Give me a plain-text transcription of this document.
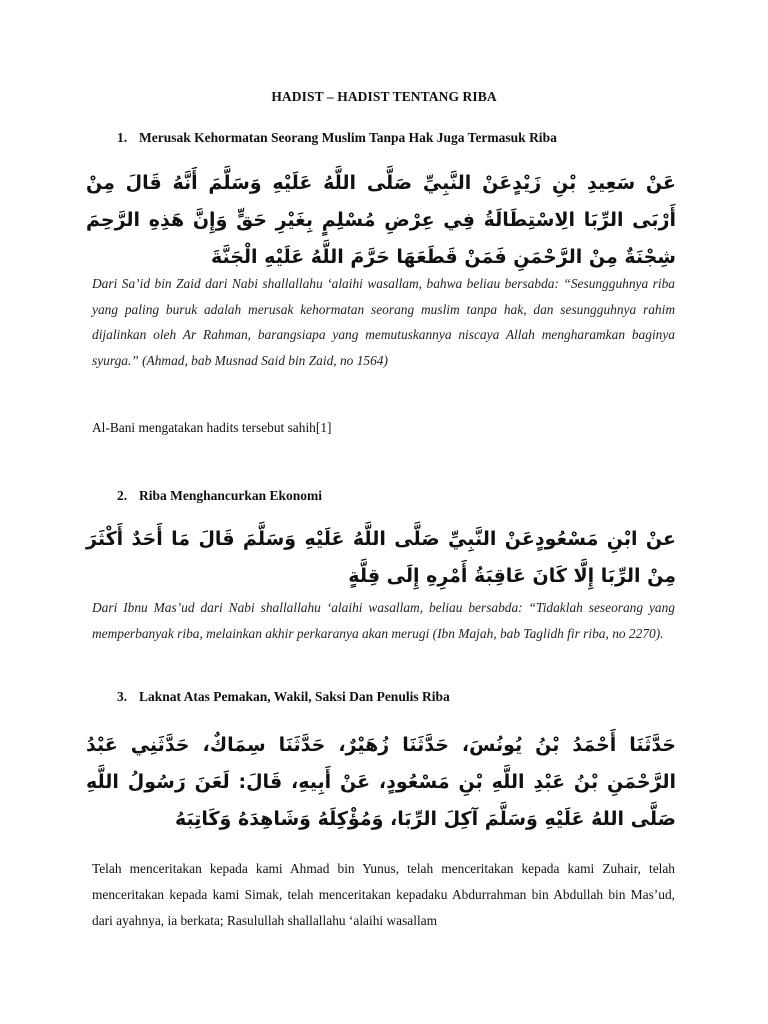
HADIST – HADIST TENTANG RIBA
1. Merusak Kehormatan Seorang Muslim Tanpa Hak Juga Termasuk Riba
عَنْ سَعِيدِ بْنِ زَيْدٍعَنْ النَّبِيِّ صَلَّى اللَّهُ عَلَيْهِ وَسَلَّمَ أَنَّهُ قَالَ مِنْ أَرْبَى الرِّبَا الِاسْتِطَالَةُ فِي عِرْضِ مُسْلِمٍ بِغَيْرِ حَقٍّ وَإِنَّ هَذِهِ الرَّحِمَ شِجْنَةٌ مِنْ الرَّحْمَنِ فَمَنْ قَطَعَهَا حَرَّمَ اللَّهُ عَلَيْهِ الْجَنَّةَ
Dari Sa’id bin Zaid dari Nabi shallallahu ‘alaihi wasallam, bahwa beliau bersabda: “Sesungguhnya riba yang paling buruk adalah merusak kehormatan seorang muslim tanpa hak, dan sesungguhnya rahim dijalinkan oleh Ar Rahman, barangsiapa yang memutuskannya niscaya Allah mengharamkan baginya syurga.” (Ahmad, bab Musnad Said bin Zaid, no 1564)
Al-Bani mengatakan hadits tersebut sahih[1]
2. Riba Menghancurkan Ekonomi
عنْ ابْنِ مَسْعُودٍعَنْ النَّبِيِّ صَلَّى اللَّهُ عَلَيْهِ وَسَلَّمَ قَالَ مَا أَحَدٌ أَكْثَرَ مِنْ الرِّبَا إِلَّا كَانَ عَاقِبَةُ أَمْرِهِ إِلَى قِلَّةٍ
Dari Ibnu Mas’ud dari Nabi shallallahu ‘alaihi wasallam, beliau bersabda: “Tidaklah seseorang yang memperbanyak riba, melainkan akhir perkaranya akan merugi (Ibn Majah, bab Taglidh fir riba, no 2270).
3. Laknat Atas Pemakan, Wakil, Saksi Dan Penulis Riba
حَدَّثَنَا أَحْمَدُ بْنُ يُونُسَ، حَدَّثَنَا زُهَيْرٌ، حَدَّثَنَا سِمَاكٌ، حَدَّثَنِي عَبْدُ الرَّحْمَنِ بْنُ عَبْدِ اللَّهِ بْنِ مَسْعُودٍ، عَنْ أَبِيهِ، قَالَ: لَعَنَ رَسُولُ اللَّهِ صَلَّى اللهُ عَلَيْهِ وَسَلَّمَ آكِلَ الرِّبَا، وَمُؤْكِلَهُ وَشَاهِدَهُ وَكَاتِبَهُ
Telah menceritakan kepada kami Ahmad bin Yunus, telah menceritakan kepada kami Zuhair, telah menceritakan kepada kami Simak, telah menceritakan kepadaku Abdurrahman bin Abdullah bin Mas’ud, dari ayahnya, ia berkata; Rasulullah shallallahu ‘alaihi wasallam
